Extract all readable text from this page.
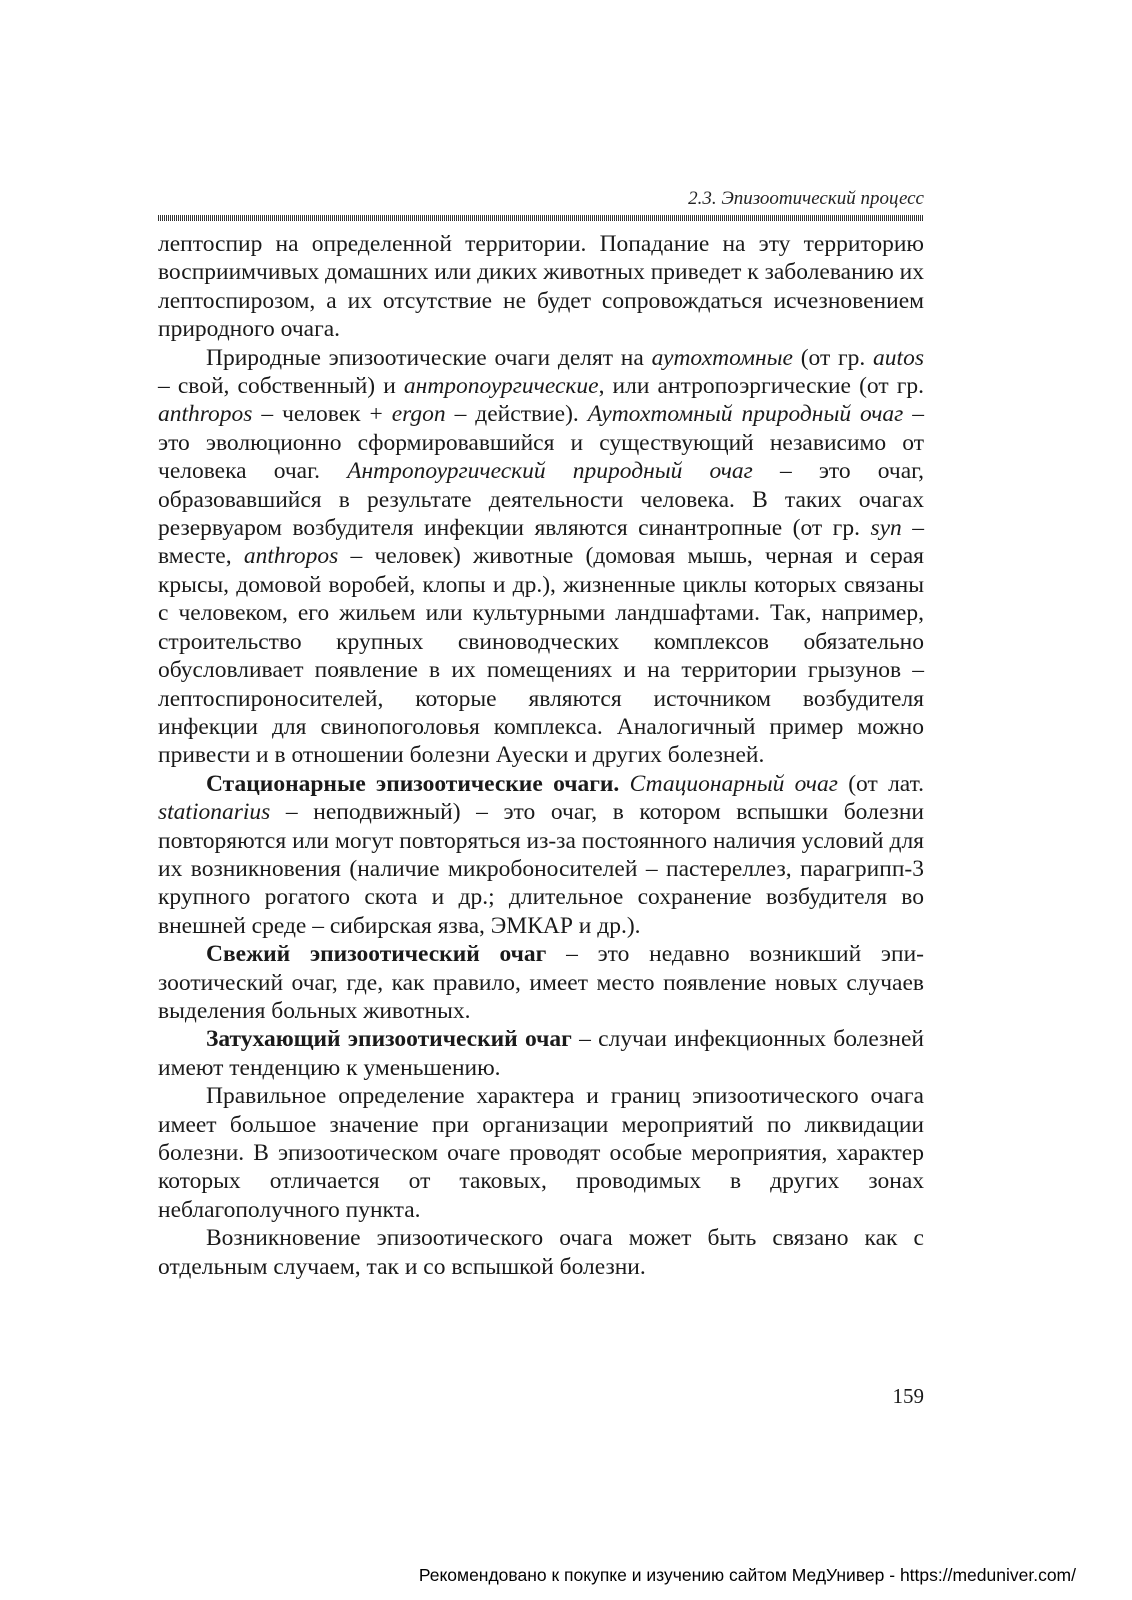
2.3. Эпизоотический процесс

лептоспир на определенной территории. Попадание на эту территорию восприимчивых домашних или диких животных приведет к заболеванию их лептоспирозом, а их отсутствие не будет сопровождаться исчезновением природного очага.

Природные эпизоотические очаги делят на аутохтомные (от гр. autos – свой, собственный) и антропоургические, или антропоэргические (от гр. anthropos – человек + ergon – действие). Аутохтомный природный очаг – это эволюционно сформировавшийся и существующий независимо от человека очаг. Антропоургический природный очаг – это очаг, образовавшийся в результате деятельности человека. В таких очагах резервуаром возбудителя инфекции являются синантропные (от гр. syn – вместе, anthropos – человек) животные (домовая мышь, черная и серая крысы, домовой воробей, клопы и др.), жизненные циклы которых связаны с человеком, его жильем или культурными ландшафтами. Так, например, строительство крупных свиноводческих комплексов обязательно обусловливает появление в их помещениях и на территории грызунов – лептоспироносителей, которые являются источником возбудителя инфекции для свинопоголовья комплекса. Аналогичный пример можно привести и в отношении болезни Ауески и других болезней.

Стационарные эпизоотические очаги. Стационарный очаг (от лат. stationarius – неподвижный) – это очаг, в котором вспышки болезни повторяются или могут повторяться из-за постоянного наличия условий для их возникновения (наличие микробоносителей – пастереллез, парагрипп-3 крупного рогатого скота и др.; длительное сохранение возбудителя во внешней среде – сибирская язва, ЭМКАР и др.).

Свежий эпизоотический очаг – это недавно возникший эпизоотический очаг, где, как правило, имеет место появление новых случаев выделения больных животных.

Затухающий эпизоотический очаг – случаи инфекционных болезней имеют тенденцию к уменьшению.

Правильное определение характера и границ эпизоотического очага имеет большое значение при организации мероприятий по ликвидации болезни. В эпизоотическом очаге проводят особые мероприятия, характер которых отличается от таковых, проводимых в других зонах неблагополучного пункта.

Возникновение эпизоотического очага может быть связано как с отдельным случаем, так и со вспышкой болезни.

159
Рекомендовано к покупке и изучению сайтом МедУнивер - https://meduniver.com/
